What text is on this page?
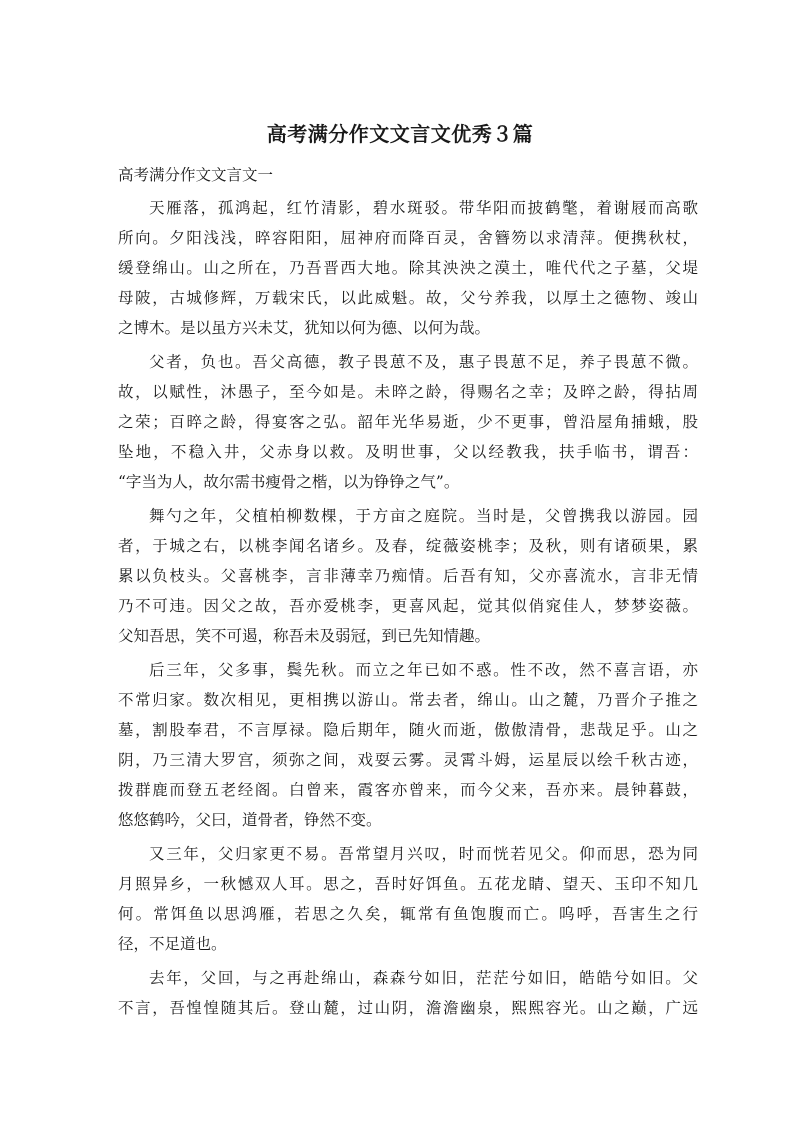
高考满分作文文言文优秀３篇
高考满分作文文言文一
天雁落，孤鸿起，红竹清影，碧水斑驳。带华阳而披鹤氅，着谢屐而高歌
所向。夕阳浅浅，晬容阳阳，屈神府而降百灵，舍簪笏以求清萍。便携秋杖，
缓登绵山。山之所在，乃吾晋西大地。除其泱泱之漠土，唯代代之子墓，父堤
母陂，古城修辉，万载宋氏，以此威魁。故，父兮养我，以厚土之德物、竣山
之博木。是以虽方兴未艾，犹知以何为德、以何为哉。
父者，负也。吾父高德，教子畏葸不及，惠子畏葸不足，养子畏葸不微。
故，以赋性，沐愚子，至今如是。未晬之龄，得赐名之幸；及晬之龄，得拈周
之荣；百晬之龄，得宴客之弘。韶年光华易逝，少不更事，曾沿屋角捕蛾，股
坠地，不稳入井，父赤身以救。及明世事，父以经教我，扶手临书，谓吾：
“字当为人，故尔需书瘦骨之楷，以为铮铮之气”。
舞勺之年，父植柏柳数棵，于方亩之庭院。当时是，父曾携我以游园。园
者，于城之右，以桃李闻名诸乡。及春，绽薇姿桃李；及秋，则有诸硕果，累
累以负枝头。父喜桃李，言非薄幸乃痴情。后吾有知，父亦喜流水，言非无情
乃不可违。因父之故，吾亦爱桃李，更喜风起，觉其似俏窕佳人，梦梦姿薇。
父知吾思，笑不可遏，称吾未及弱冠，到已先知情趣。
后三年，父多事，鬓先秋。而立之年已如不惑。性不改，然不喜言语，亦
不常归家。数次相见，更相携以游山。常去者，绵山。山之麓，乃晋介子推之
墓，割股奉君，不言厚禄。隐后期年，随火而逝，傲傲清骨，悲哉足乎。山之
阴，乃三清大罗宫，须弥之间，戏耍云雾。灵霄斗姆，运星辰以绘千秋古迹，
拨群鹿而登五老经阁。白曾来，霞客亦曾来，而今父来，吾亦来。晨钟暮鼓，
悠悠鹤吟，父曰，道骨者，铮然不变。
又三年，父归家更不易。吾常望月兴叹，时而恍若见父。仰而思，恐为同
月照异乡，一秋憾双人耳。思之，吾时好饵鱼。五花龙睛、望天、玉印不知几
何。常饵鱼以思鸿雁，若思之久矣，辄常有鱼饱腹而亡。呜呼，吾害生之行
径，不足道也。
去年，父回，与之再赴绵山，森森兮如旧，茫茫兮如旧，皓皓兮如旧。父
不言，吾惶惶随其后。登山麓，过山阴，澹澹幽泉，熙熙容光。山之巅，广远
